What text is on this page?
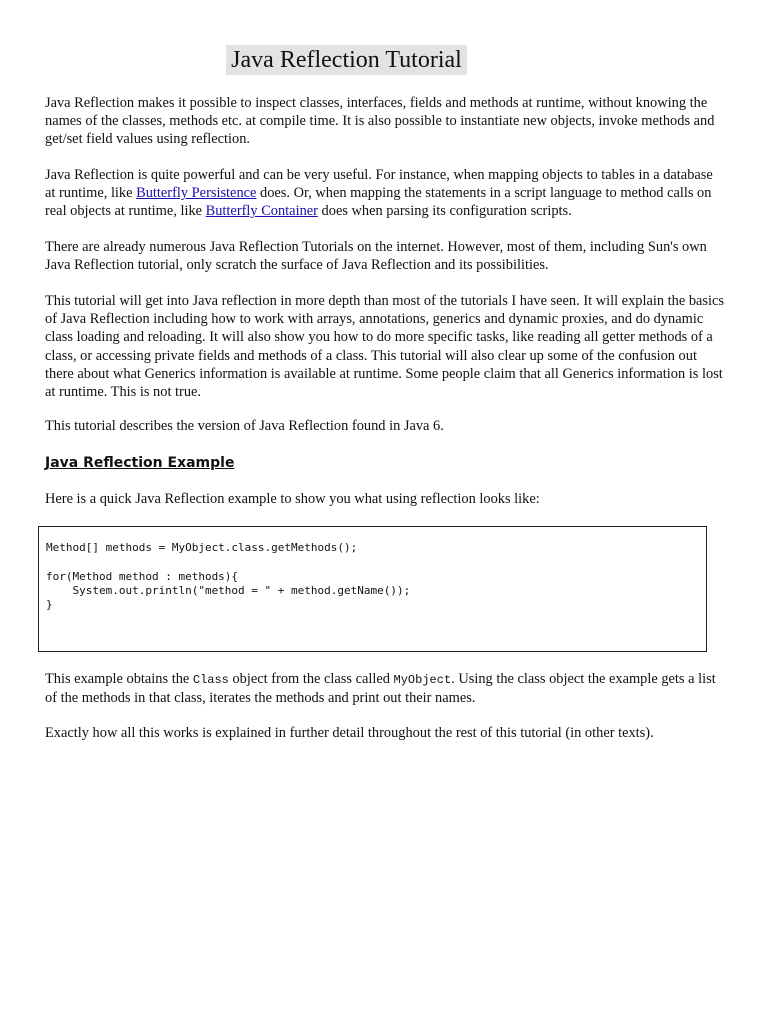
Java Reflection Tutorial

Java Reflection makes it possible to inspect classes, interfaces, fields and methods at runtime, without knowing the names of the classes, methods etc. at compile time. It is also possible to instantiate new objects, invoke methods and get/set field values using reflection.

Java Reflection is quite powerful and can be very useful. For instance, when mapping objects to tables in a database at runtime, like Butterfly Persistence does. Or, when mapping the statements in a script language to method calls on real objects at runtime, like Butterfly Container does when parsing its configuration scripts.

There are already numerous Java Reflection Tutorials on the internet. However, most of them, including Sun's own Java Reflection tutorial, only scratch the surface of Java Reflection and its possibilities.

This tutorial will get into Java reflection in more depth than most of the tutorials I have seen. It will explain the basics of Java Reflection including how to work with arrays, annotations, generics and dynamic proxies, and do dynamic class loading and reloading. It will also show you how to do more specific tasks, like reading all getter methods of a class, or accessing private fields and methods of a class. This tutorial will also clear up some of the confusion out there about what Generics information is available at runtime. Some people claim that all Generics information is lost at runtime. This is not true.

This tutorial describes the version of Java Reflection found in Java 6.

Java Reflection Example

Here is a quick Java Reflection example to show you what using reflection looks like:

Method[] methods = MyObject.class.getMethods();
for(Method method : methods){
System.out.println("method = " + method.getName());
}

This example obtains the Class object from the class called MyObject. Using the class object the example gets a list of the methods in that class, iterates the methods and print out their names.

Exactly how all this works is explained in further detail throughout the rest of this tutorial (in other texts).
